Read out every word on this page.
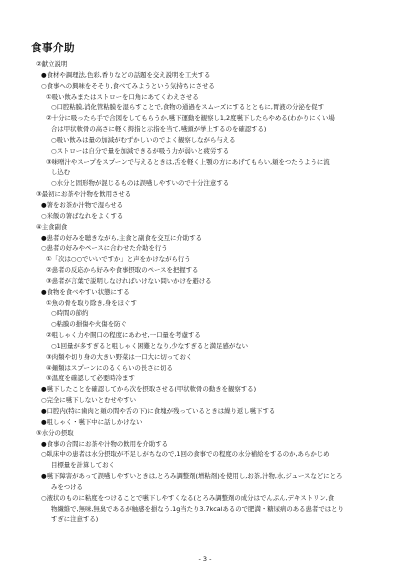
食事介助
②献立説明
●食材や調理法,色彩,香りなどの話題を交え説明を工夫する
○食事への興味をそそり,食べてみようという気持ちにさせる
①吸い飲みまたはストローを口角にあてくわえさせる
○口腔粘膜,消化管粘膜を湿らすことで,食物の通過をスムーズにするとともに,胃液の分泌を促す
②十分に吸ったら手で合図をしてもらうか,嚥下運動を観察し1,2度嚥下したらやめる(わかりにくい場
合は甲状軟骨の高さに軽く拇指と示指を当て,嚥頭が挙上するのを確認する)
○吸い飲みは量の加減がむずかしいのでよく観察しながら与える
○ストローは自分で量を加減できるが吸う力が弱いと疲労する
③味噌汁やスープをスプーンで与えるときは,舌を軽く上顎の方にあげてもらい,頬をつたうように流
し込む
○水分と固形物が混じるものは誤嚥しやすいので十分注意する
③最初にお茶や汁物を飲用させる
●箸をお茶か汁物で湿らせる
○米飯の箸ばなれをよくする
④主食副食
●患者の好みを聴きながら,主食と副食を交互に介助する
○患者の好みやペースに合わせた介助を行う
①「次は○○でいいですか」と声をかけながら行う
②患者の反応から好みや食事摂取のペースを把握する
③患者が言葉で説明しなければいけない問いかけを避ける
●食物を食べやすい状態にする
①魚の骨を取り除き,身をほぐす
○時間の節約
○粘膜の損傷や火傷を防ぐ
②咀しゃく力や開口の程度にあわせ,一口量を考慮する
○1回量が多すぎると咀しゃく困難となり,少なすぎると満足感がない
③肉類や切り身の大きい野菜は一口大に切っておく
④麺類はスプーンにのるくらいの長さに切る
⑤温度を確認して必要時冷ます
●嚥下したことを確認してから次を摂取させる(甲状軟骨の動きを観察する)
○完全に嚥下しないとむせやすい
●口腔内(特に歯肉と頬の間や舌の下)に食塊が残っているときは繰り返し嚥下する
●咀しゃく・嚥下中に話しかけない
⑤水分の摂取
●食事の合間にお茶や汁物の飲用を介助する
○臥床中の患者は水分摂取が不足しがちなので,1回の食事での程度の水分補給をするのか,あらかじめ
目標量を計算しておく
●嚥下障害があって誤嚥しやすいときは,とろみ調整剤(增粘剤)を使用し,お茶,汁物,水,ジュースなどにとろ
みをつける
○液状のものに粘度をつけることで嚥下しやすくなる(とろみ調整剤の成分はでんぷん,デキストリン,食
物繊維で,無味,無臭であるが触感を損なう.1g当たり3.7kcalあるので肥満・糖尿病のある患者ではとり
すぎに注意する)
- 3 -
